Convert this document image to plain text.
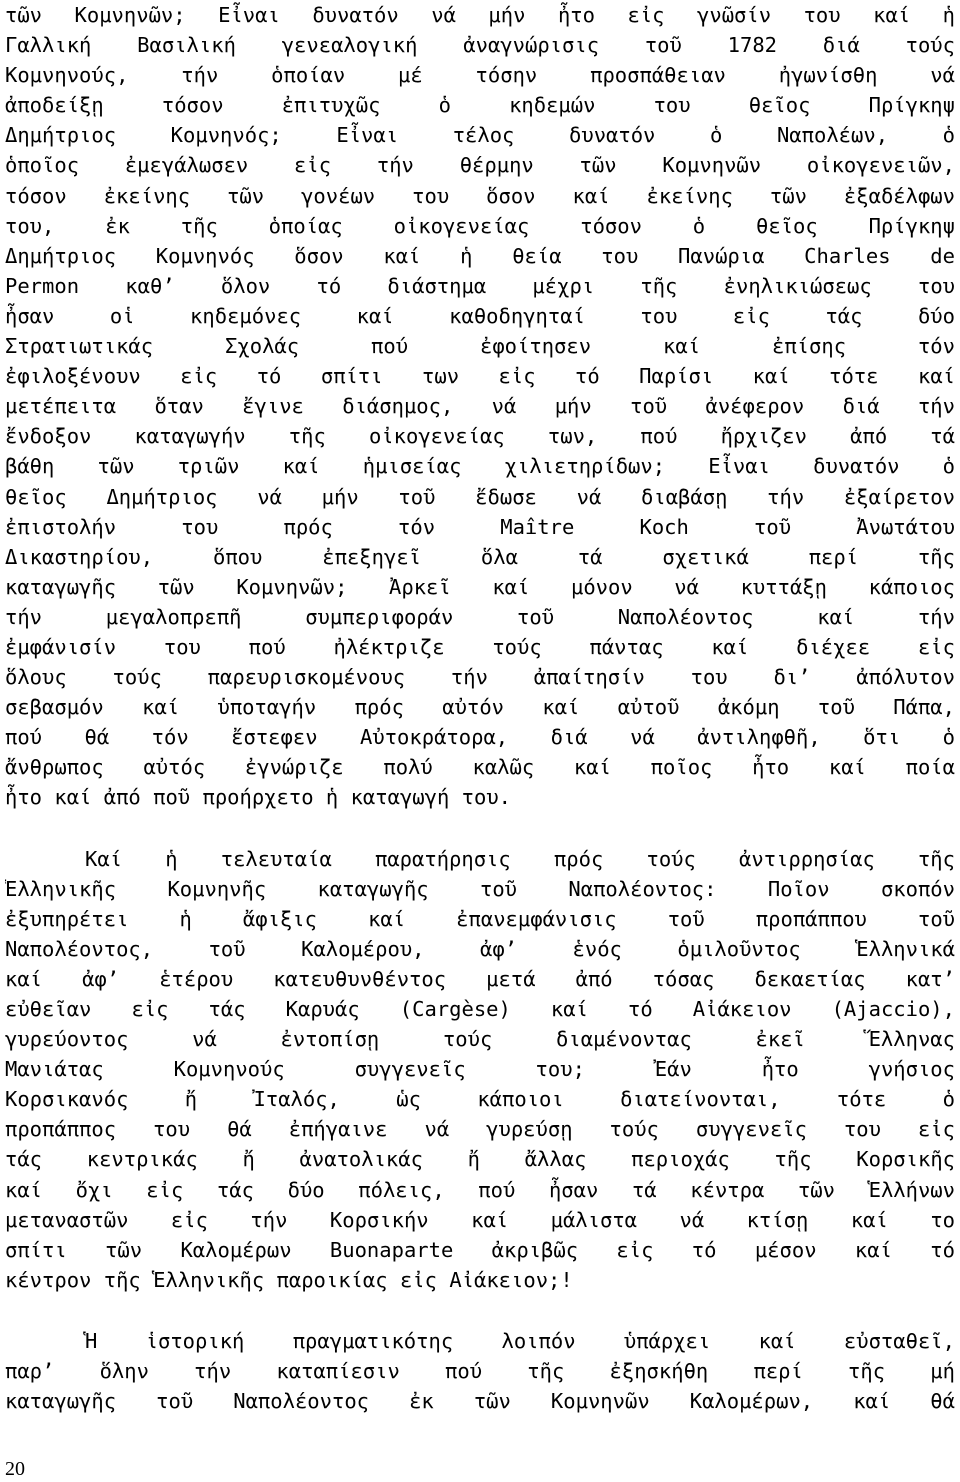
τῶν Κομνηνῶν; Εἶναι δυνατόν νά μήν ἦτο εἰς γνῶσίν του καί ἡ
Γαλλική Βασιλική γενεαλογική ἀναγνώρισις τοῦ 1782 διά τούς
Κομνηνούς, τήν ὁποίαν μέ τόσην προσπάθειαν ἠγωνίσθη νά
ἀποδείξῃ τόσον ἐπιτυχῶς ὁ κηδεμών του θεῖος Πρίγκηψ
Δημήτριος Κομνηνός; Εἶναι τέλος δυνατόν ὁ Ναπολέων, ὁ
ὁποῖος ἐμεγάλωσεν εἰς τήν θέρμην τῶν Κομνηνῶν οἰκογενειῶν,
τόσον ἐκείνης τῶν γονέων του ὅσον καί ἐκείνης τῶν ἐξαδέλφων
του, ἐκ τῆς ὁποίας οἰκογενείας τόσον ὁ θεῖος Πρίγκηψ
Δημήτριος Κομνηνός ὅσον καί ἡ θεία του Πανώρια Charles de
Permon καθ’ ὅλον τό διάστημα μέχρι τῆς ἐνηλικιώσεως του
ἦσαν οἱ κηδεμόνες καί καθοδηγηταί του εἰς τάς δύο
Στρατιωτικάς Σχολάς πού ἐφοίτησεν καί ἐπίσης τόν
ἐφιλοξένουν εἰς τό σπίτι των εἰς τό Παρίσι καί τότε καί
μετέπειτα ὅταν ἔγινε διάσημος, νά μήν τοῦ ἀνέφερον διά τήν
ἔνδοξον καταγωγήν τῆς οἰκογενείας των, πού ἤρχιζεν ἀπό τά
βάθη τῶν τριῶν καί ἡμισείας χιλιετηρίδων; Εἶναι δυνατόν ὁ
θεῖος Δημήτριος νά μήν τοῦ ἔδωσε νά διαβάσῃ τήν ἐξαίρετον
ἐπιστολήν του πρός τόν Maître Koch τοῦ Ἀνωτάτου
Δικαστηρίου, ὅπου ἐπεξηγεῖ ὅλα τά σχετικά περί τῆς
καταγωγῆς τῶν Κομνηνῶν; Ἀρκεῖ καί μόνον νά κυττάξῃ κάποιος
τήν μεγαλοπρεπῆ συμπεριφοράν τοῦ Ναπολέοντος καί τήν
ἐμφάνισίν του πού ἠλέκτριζε τούς πάντας καί διέχεε εἰς
ὅλους τούς παρευρισκομένους τήν ἀπαίτησίν του δι’ ἀπόλυτον
σεβασμόν καί ὑποταγήν πρός αὐτόν καί αὐτοῦ ἀκόμη τοῦ Πάπα,
πού θά τόν ἔστεφεν Αὐτοκράτορα, διά νά ἀντιληφθῆ, ὅτι ὁ
ἄνθρωπος αὐτός ἐγνώριζε πολύ καλῶς καί ποῖος ἦτο καί ποία
ἦτο καί ἀπό ποῦ προήρχετο ἡ καταγωγή του.
Καί ἡ τελευταία παρατήρησις πρός τούς ἀντιρρησίας τῆς
Ἑλληνικῆς Κομνηνῆς καταγωγῆς τοῦ Ναπολέοντος: Ποῖον σκοπόν
ἐξυπηρέτει ἡ ἄφιξις καί ἐπανεμφάνισις τοῦ προπάππου τοῦ
Ναπολέοντος, τοῦ Καλομέρου, ἀφ’ ἑνός ὁμιλοῦντος Ἑλληνικά
καί ἀφ’ ἑτέρου κατευθυνθέντος μετά ἀπό τόσας δεκαετίας κατ’
εὐθεῖαν εἰς τάς Καρυάς (Cargèse) καί τό Αἰάκειον (Ajaccio),
γυρεύοντος νά ἐντοπίσῃ τούς διαμένοντας ἐκεῖ Ἕλληνας
Μανιάτας Κομνηνούς συγγενεῖς του; Ἐάν ἦτο γνήσιος
Κορσικανός ἤ Ἰταλός, ὡς κάποιοι διατείνονται, τότε ὁ
προπάππος του θά ἐπήγαινε νά γυρεύσῃ τούς συγγενεῖς του εἰς
τάς κεντρικάς ἤ ἀνατολικάς ἤ ἄλλας περιοχάς τῆς Κορσικῆς
καί ὄχι εἰς τάς δύο πόλεις, πού ἦσαν τά κέντρα τῶν Ἑλλήνων
μεταναστῶν εἰς τήν Κορσικήν καί μάλιστα νά κτίσῃ καί το
σπίτι τῶν Καλομέρων Buonaparte ἀκριβῶς εἰς τό μέσον καί τό
κέντρον τῆς Ἑλληνικῆς παροικίας εἰς Αἰάκειον;!
Ἡ ἱστορική πραγματικότης λοιπόν ὑπάρχει καί εὐσταθεῖ,
παρ’ ὅλην τήν καταπίεσιν πού τῆς ἐξησκήθη περί τῆς μή
καταγωγῆς τοῦ Ναπολέοντος ἐκ τῶν Κομνηνῶν Καλομέρων, καί θά
20
